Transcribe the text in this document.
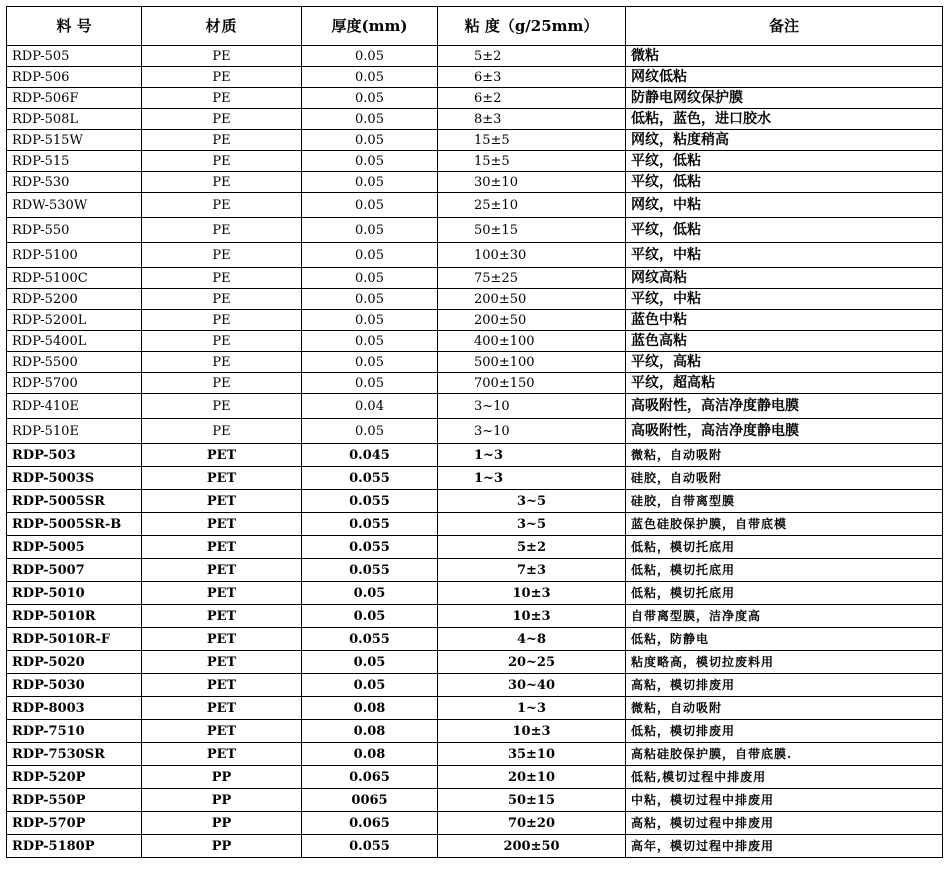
料 号	材质	厚度(mm)	粘 度（g/25mm）	备注
RDP-505	PE	0.05	5±2	微粘
RDP-506	PE	0.05	6±3	网纹低粘
RDP-506F	PE	0.05	6±2	防静电网纹保护膜
RDP-508L	PE	0.05	8±3	低粘，蓝色，进口胶水
RDP-515W	PE	0.05	15±5	网纹，粘度稍高
RDP-515	PE	0.05	15±5	平纹，低粘
RDP-530	PE	0.05	30±10	平纹，低粘
RDW-530W	PE	0.05	25±10	网纹，中粘
RDP-550	PE	0.05	50±15	平纹，低粘
RDP-5100	PE	0.05	100±30	平纹，中粘
RDP-5100C	PE	0.05	75±25	网纹高粘
RDP-5200	PE	0.05	200±50	平纹，中粘
RDP-5200L	PE	0.05	200±50	蓝色中粘
RDP-5400L	PE	0.05	400±100	蓝色高粘
RDP-5500	PE	0.05	500±100	平纹，高粘
RDP-5700	PE	0.05	700±150	平纹，超高粘
RDP-410E	PE	0.04	3~10	高吸附性，高洁净度静电膜
RDP-510E	PE	0.05	3~10	高吸附性，高洁净度静电膜
RDP-503	PET	0.045	1~3	微粘，自动吸附
RDP-5003S	PET	0.055	1~3	硅胶，自动吸附
RDP-5005SR	PET	0.055	3~5	硅胶，自带离型膜
RDP-5005SR-B	PET	0.055	3~5	蓝色硅胶保护膜，自带底模
RDP-5005	PET	0.055	5±2	低粘，模切托底用
RDP-5007	PET	0.055	7±3	低粘，模切托底用
RDP-5010	PET	0.05	10±3	低粘，模切托底用
RDP-5010R	PET	0.05	10±3	自带离型膜，洁净度高
RDP-5010R-F	PET	0.055	4~8	低粘，防静电
RDP-5020	PET	0.05	20~25	粘度略高，模切拉废料用
RDP-5030	PET	0.05	30~40	高粘，模切排废用
RDP-8003	PET	0.08	1~3	微粘，自动吸附
RDP-7510	PET	0.08	10±3	低粘，模切排废用
RDP-7530SR	PET	0.08	35±10	高粘硅胶保护膜，自带底膜.
RDP-520P	PP	0.065	20±10	低粘,模切过程中排废用
RDP-550P	PP	0065	50±15	中粘，模切过程中排废用
RDP-570P	PP	0.065	70±20	高粘，模切过程中排废用
RDP-5180P	PP	0.055	200±50	高年，模切过程中排废用
